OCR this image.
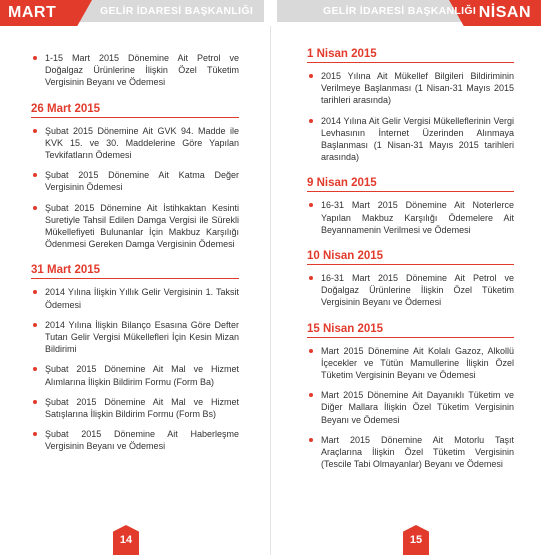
MART	GELİR İDARESİ BAŞKANLIĞI	GELİR İDARESİ BAŞKANLIĞI NİSAN
1-15 Mart 2015 Dönemine Ait Petrol ve Doğalgaz Ürünlerine İlişkin Özel Tüketim Vergisinin Beyanı ve Ödemesi
26 Mart 2015
Şubat 2015 Dönemine Ait GVK 94. Madde ile KVK 15. ve 30. Maddelerine Göre Yapılan Tevkifatların Ödemesi
Şubat 2015 Dönemine Ait Katma Değer Vergisinin Ödemesi
Şubat 2015 Dönemine Ait İstihkaktan Kesinti Suretiyle Tahsil Edilen Damga Vergisi ile Sürekli Mükellefiyeti Bulunanlar İçin Makbuz Karşılığı Ödenmesi Gereken Damga Vergisinin Ödemesi
31 Mart 2015
2014 Yılına İlişkin Yıllık Gelir Vergisinin 1. Taksit Ödemesi
2014 Yılına İlişkin Bilanço Esasına Göre Defter Tutan Gelir Vergisi Mükellefleri İçin Kesin Mizan Bildirimi
Şubat 2015 Dönemine Ait Mal ve Hizmet Alımlarına İlişkin Bildirim Formu (Form Ba)
Şubat 2015 Dönemine Ait Mal ve Hizmet Satışlarına İlişkin Bildirim Formu (Form Bs)
Şubat 2015 Dönemine Ait Haberleşme Vergisinin Beyanı ve Ödemesi
1 Nisan 2015
2015 Yılına Ait Mükellef Bilgileri Bildiriminin Verilmeye Başlanması (1 Nisan-31 Mayıs 2015 tarihleri arasında)
2014 Yılına Ait Gelir Vergisi Mükelleflerinin Vergi Levhasının İnternet Üzerinden Alınmaya Başlanması (1 Nisan-31 Mayıs 2015 tarihleri arasında)
9 Nisan 2015
16-31 Mart 2015 Dönemine Ait Noterlerce Yapılan Makbuz Karşılığı Ödemelere Ait Beyannamenin Verilmesi ve Ödemesi
10 Nisan 2015
16-31 Mart 2015 Dönemine Ait Petrol ve Doğalgaz Ürünlerine İlişkin Özel Tüketim Vergisinin Beyanı ve Ödemesi
15 Nisan 2015
Mart 2015 Dönemine Ait Kolalı Gazoz, Alkollü İçecekler ve Tütün Mamullerine İlişkin Özel Tüketim Vergisinin Beyanı ve Ödemesi
Mart 2015 Dönemine Ait Dayanıklı Tüketim ve Diğer Mallara İlişkin Özel Tüketim Vergisinin Beyanı ve Ödemesi
Mart 2015 Dönemine Ait Motorlu Taşıt Araçlarına İlişkin Özel Tüketim Vergisinin (Tescile Tabi Olmayanlar) Beyanı ve Ödemesi
14	15
